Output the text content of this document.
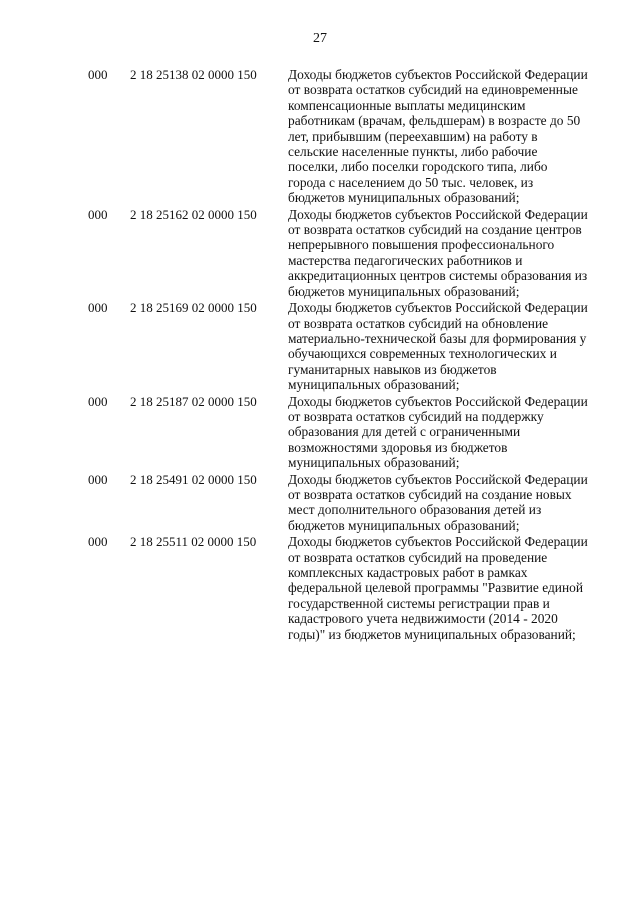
27
000	2 18 25138 02 0000 150	Доходы бюджетов субъектов Российской Федерации от возврата остатков субсидий на единовременные компенсационные выплаты медицинским работникам (врачам, фельдшерам) в возрасте до 50 лет, прибывшим (переехавшим) на работу в сельские населенные пункты, либо рабочие поселки, либо поселки городского типа, либо города с населением до 50 тыс. человек, из бюджетов муниципальных образований;
000	2 18 25162 02 0000 150	Доходы бюджетов субъектов Российской Федерации от возврата остатков субсидий на создание центров непрерывного повышения профессионального мастерства педагогических работников и аккредитационных центров системы образования из бюджетов муниципальных образований;
000	2 18 25169 02 0000 150	Доходы бюджетов субъектов Российской Федерации от возврата остатков субсидий на обновление материально-технической базы для формирования у обучающихся современных технологических и гуманитарных навыков из бюджетов муниципальных образований;
000	2 18 25187 02 0000 150	Доходы бюджетов субъектов Российской Федерации от возврата остатков субсидий на поддержку образования для детей с ограниченными возможностями здоровья из бюджетов муниципальных образований;
000	2 18 25491 02 0000 150	Доходы бюджетов субъектов Российской Федерации от возврата остатков субсидий на создание новых мест дополнительного образования детей из бюджетов муниципальных образований;
000	2 18 25511 02 0000 150	Доходы бюджетов субъектов Российской Федерации от возврата остатков субсидий на проведение комплексных кадастровых работ в рамках федеральной целевой программы "Развитие единой государственной системы регистрации прав и кадастрового учета недвижимости (2014 - 2020 годы)" из бюджетов муниципальных образований;
